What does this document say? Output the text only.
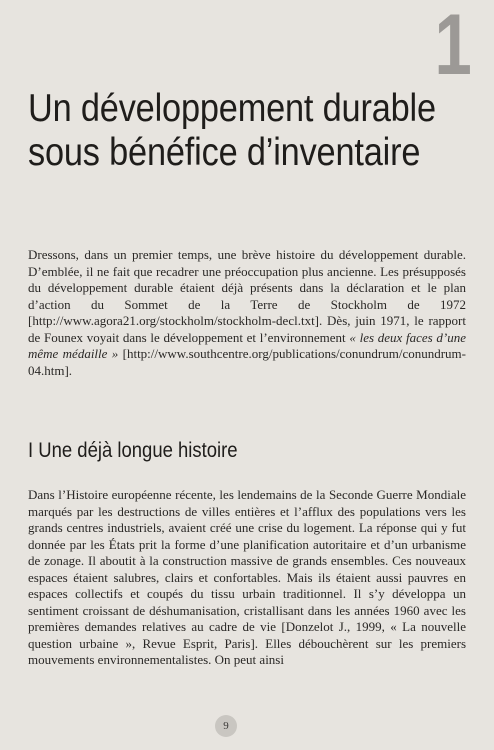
1
Un développement durable
sous bénéfice d’inventaire

Dressons, dans un premier temps, une brève histoire du développement durable. D’emblée, il ne fait que recadrer une préoccupation plus ancienne. Les présupposés du développement durable étaient déjà présents dans la déclaration et le plan d’action du Sommet de la Terre de Stockholm de 1972 [http://www.agora21.org/stockholm/stockholm-decl.txt]. Dès, juin 1971, le rapport de Founex voyait dans le développement et l’environnement « les deux faces d’une même médaille » [http://www.southcentre.org/publications/conundrum/conundrum-04.htm].

I Une déjà longue histoire

Dans l’Histoire européenne récente, les lendemains de la Seconde Guerre Mondiale marqués par les destructions de villes entières et l’afflux des populations vers les grands centres industriels, avaient créé une crise du logement. La réponse qui y fut donnée par les États prit la forme d’une planification autoritaire et d’un urbanisme de zonage. Il aboutit à la construction massive de grands ensembles. Ces nouveaux espaces étaient salubres, clairs et confortables. Mais ils étaient aussi pauvres en espaces collectifs et coupés du tissu urbain traditionnel. Il s’y développa un sentiment croissant de déshumanisation, cristallisant dans les années 1960 avec les premières demandes relatives au cadre de vie [Donzelot J., 1999, « La nouvelle question urbaine », Revue Esprit, Paris]. Elles débouchèrent sur les premiers mouvements environnementalistes. On peut ainsi

9
